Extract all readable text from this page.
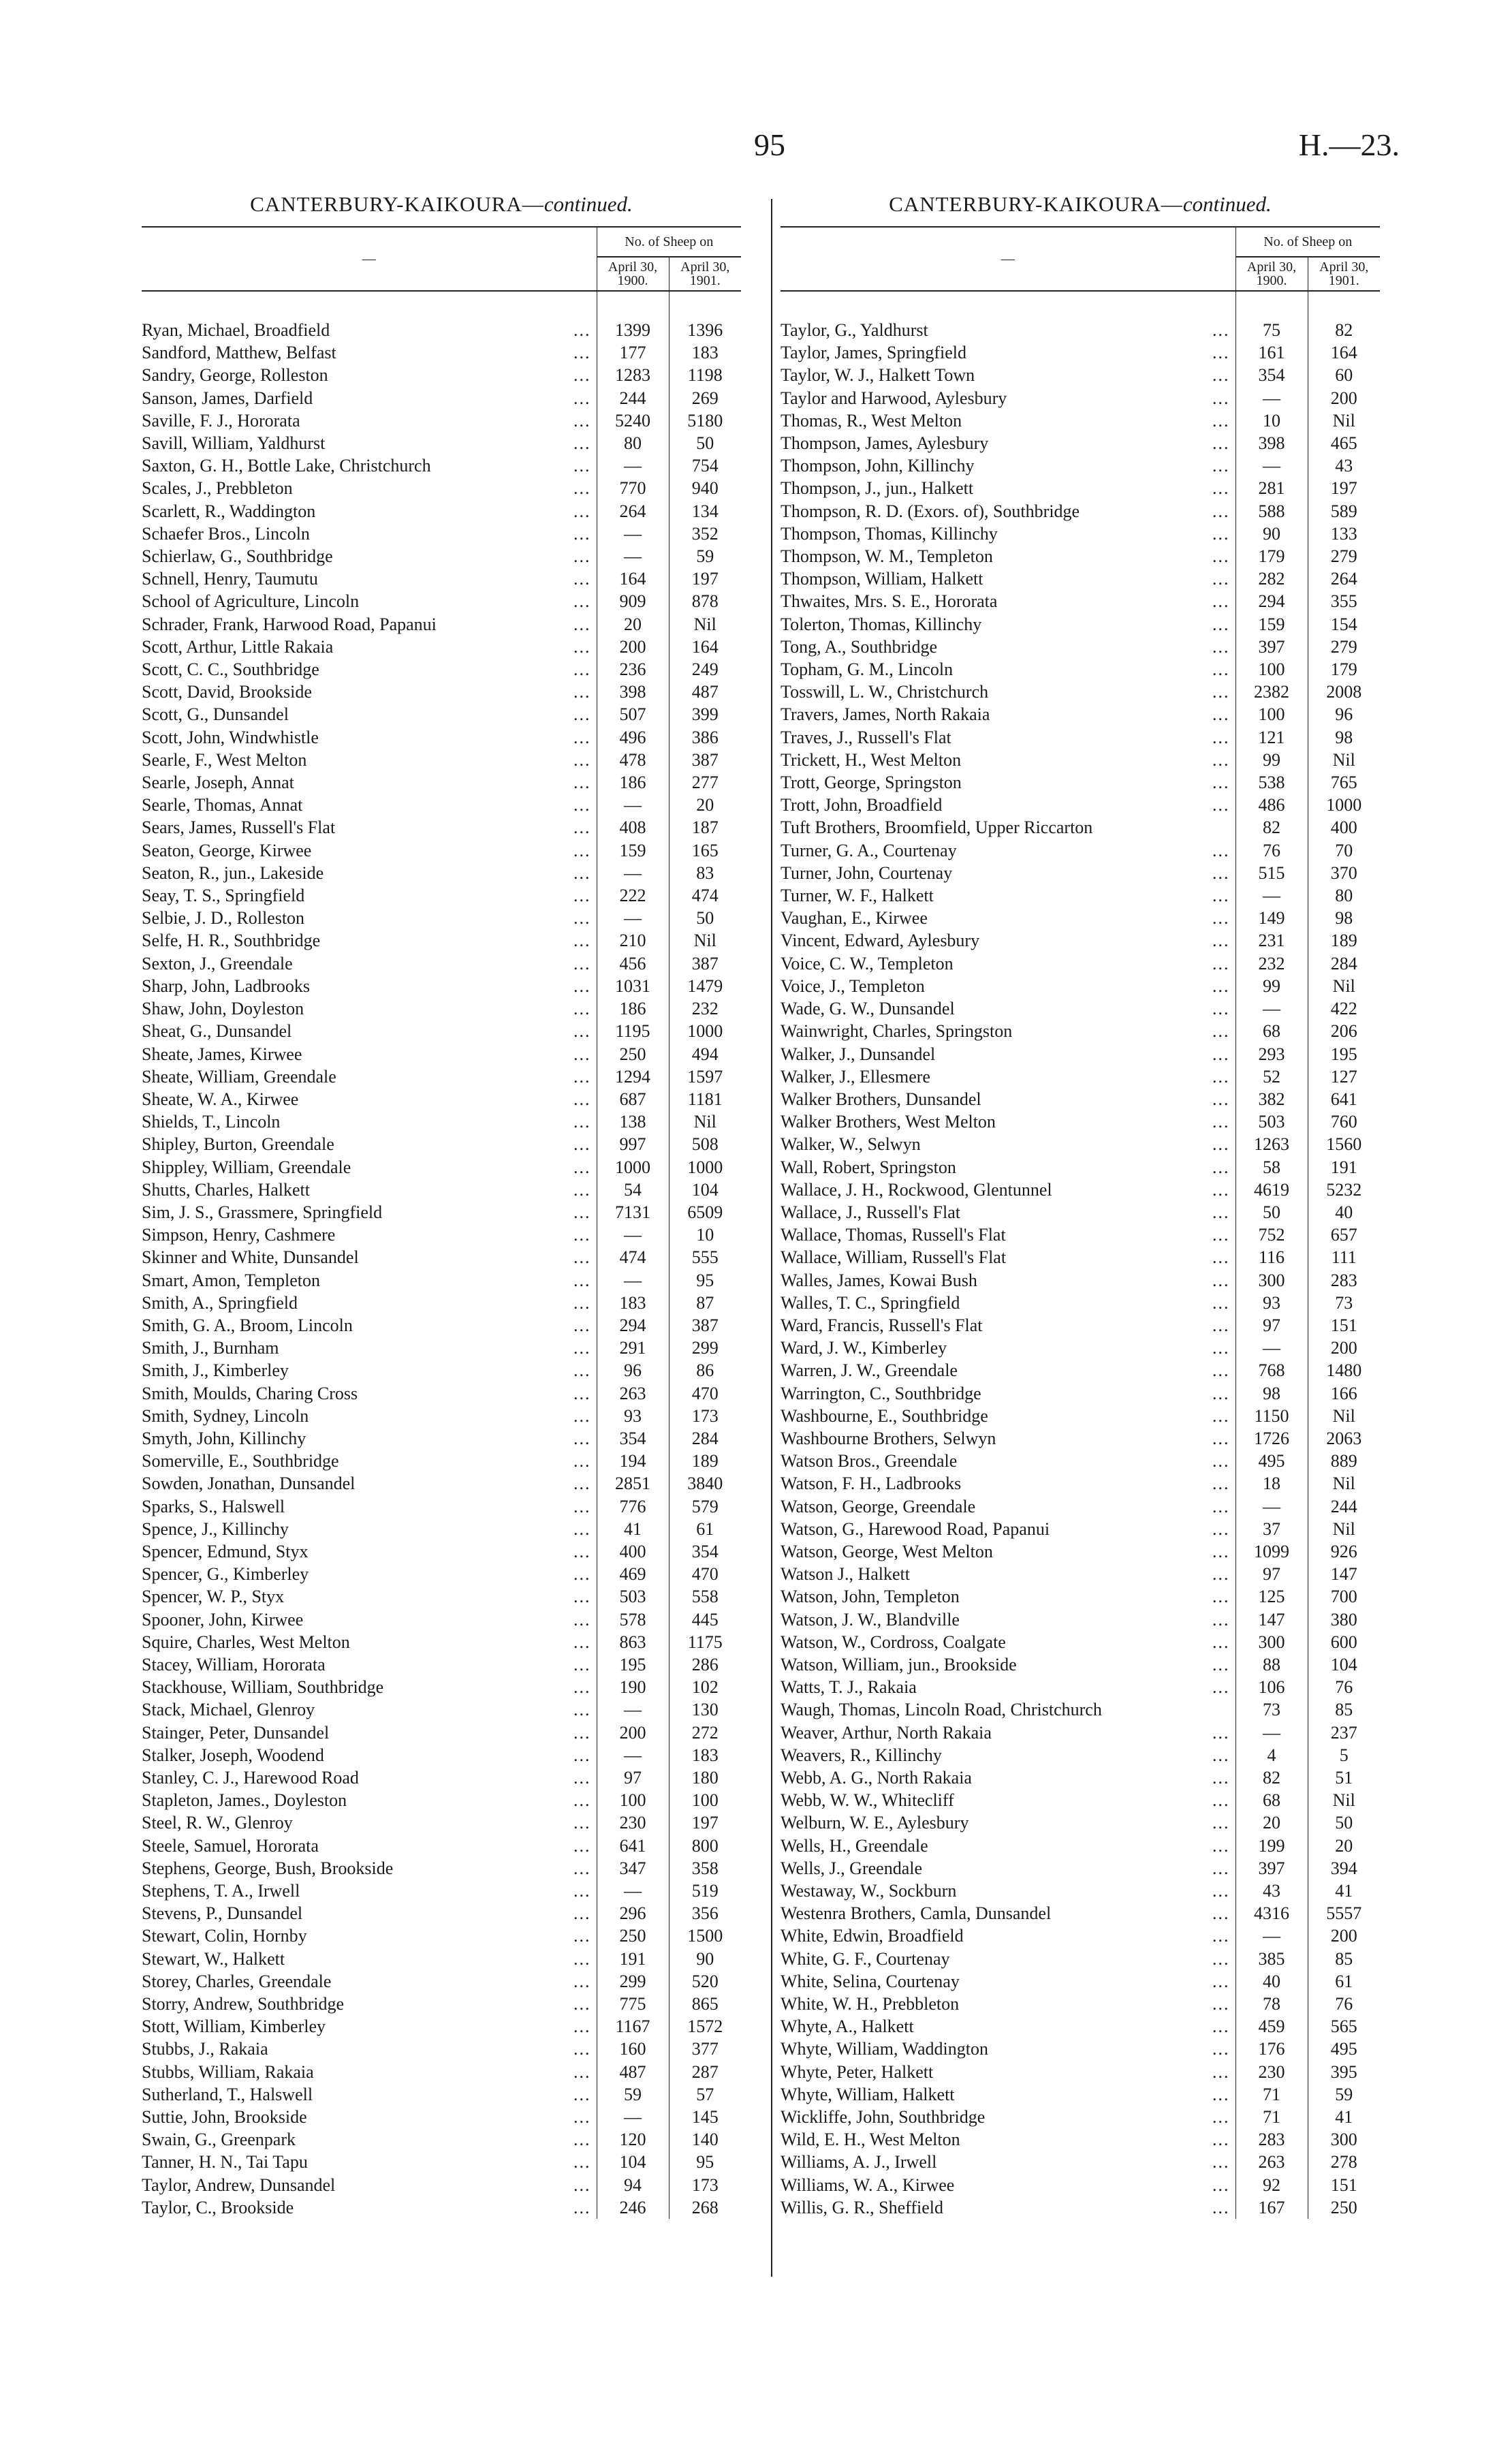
95	H.—23.
CANTERBURY-KAIKOURA—continued.
—	No. of Sheep on	
	April 30, 1900.	April 30, 1901.

Ryan, Michael, Broadfield ...	1399	1396
Sandford, Matthew, Belfast ...	177	183
Sandry, George, Rolleston ...	1283	1198
Sanson, James, Darfield ...	244	269
Saville, F. J., Hororata ...	5240	5180
Savill, William, Yaldhurst ...	80	50
Saxton, G. H., Bottle Lake, Christchurch ...	—	754
Scales, J., Prebbleton ...	770	940
Scarlett, R., Waddington ...	264	134
Schaefer Bros., Lincoln ...	—	352
Schierlaw, G., Southbridge ...	—	59
Schnell, Henry, Taumutu ...	164	197
School of Agriculture, Lincoln ...	909	878
Schrader, Frank, Harwood Road, Papanui ...	20	Nil
Scott, Arthur, Little Rakaia ...	200	164
Scott, C. C., Southbridge ...	236	249
Scott, David, Brookside ...	398	487
Scott, G., Dunsandel ...	507	399
Scott, John, Windwhistle ...	496	386
Searle, F., West Melton ...	478	387
Searle, Joseph, Annat ...	186	277
Searle, Thomas, Annat ...	—	20
Sears, James, Russell's Flat ...	408	187
Seaton, George, Kirwee ...	159	165
Seaton, R., jun., Lakeside ...	—	83
Seay, T. S., Springfield ...	222	474
Selbie, J. D., Rolleston ...	—	50
Selfe, H. R., Southbridge ...	210	Nil
Sexton, J., Greendale ...	456	387
Sharp, John, Ladbrooks ...	1031	1479
Shaw, John, Doyleston ...	186	232
Sheat, G., Dunsandel ...	1195	1000
Sheate, James, Kirwee ...	250	494
Sheate, William, Greendale ...	1294	1597
Sheate, W. A., Kirwee ...	687	1181
Shields, T., Lincoln ...	138	Nil
Shipley, Burton, Greendale ...	997	508
Shippley, William, Greendale ...	1000	1000
Shutts, Charles, Halkett ...	54	104
Sim, J. S., Grassmere, Springfield ...	7131	6509
Simpson, Henry, Cashmere ...	—	10
Skinner and White, Dunsandel ...	474	555
Smart, Amon, Templeton ...	—	95
Smith, A., Springfield ...	183	87
Smith, G. A., Broom, Lincoln ...	294	387
Smith, J., Burnham ...	291	299
Smith, J., Kimberley ...	96	86
Smith, Moulds, Charing Cross ...	263	470
Smith, Sydney, Lincoln ...	93	173
Smyth, John, Killinchy ...	354	284
Somerville, E., Southbridge ...	194	189
Sowden, Jonathan, Dunsandel ...	2851	3840
Sparks, S., Halswell ...	776	579
Spence, J., Killinchy ...	41	61
Spencer, Edmund, Styx ...	400	354
Spencer, G., Kimberley ...	469	470
Spencer, W. P., Styx ...	503	558
Spooner, John, Kirwee ...	578	445
Squire, Charles, West Melton ...	863	1175
Stacey, William, Hororata ...	195	286
Stackhouse, William, Southbridge ...	190	102
Stack, Michael, Glenroy ...	—	130
Stainger, Peter, Dunsandel ...	200	272
Stalker, Joseph, Woodend ...	—	183
Stanley, C. J., Harewood Road ...	97	180
Stapleton, James., Doyleston ...	100	100
Steel, R. W., Glenroy ...	230	197
Steele, Samuel, Hororata ...	641	800
Stephens, George, Bush, Brookside ...	347	358
Stephens, T. A., Irwell ...	—	519
Stevens, P., Dunsandel ...	296	356
Stewart, Colin, Hornby ...	250	1500
Stewart, W., Halkett ...	191	90
Storey, Charles, Greendale ...	299	520
Storry, Andrew, Southbridge ...	775	865
Stott, William, Kimberley ...	1167	1572
Stubbs, J., Rakaia ...	160	377
Stubbs, William, Rakaia ...	487	287
Sutherland, T., Halswell ...	59	57
Suttie, John, Brookside ...	—	145
Swain, G., Greenpark ...	120	140
Tanner, H. N., Tai Tapu ...	104	95
Taylor, Andrew, Dunsandel ...	94	173
Taylor, C., Brookside ...	246	268
CANTERBURY-KAIKOURA—continued.
—	No. of Sheep on	
	April 30, 1900.	April 30, 1901.

Taylor, G., Yaldhurst ...	75	82
Taylor, James, Springfield ...	161	164
Taylor, W. J., Halkett Town ...	354	60
Taylor and Harwood, Aylesbury ...	—	200
Thomas, R., West Melton ...	10	Nil
Thompson, James, Aylesbury ...	398	465
Thompson, John, Killinchy ...	—	43
Thompson, J., jun., Halkett ...	281	197
Thompson, R. D. (Exors. of), Southbridge ...	588	589
Thompson, Thomas, Killinchy ...	90	133
Thompson, W. M., Templeton ...	179	279
Thompson, William, Halkett ...	282	264
Thwaites, Mrs. S. E., Hororata ...	294	355
Tolerton, Thomas, Killinchy ...	159	154
Tong, A., Southbridge ...	397	279
Topham, G. M., Lincoln ...	100	179
Tosswill, L. W., Christchurch ...	2382	2008
Travers, James, North Rakaia ...	100	96
Traves, J., Russell's Flat ...	121	98
Trickett, H., West Melton ...	99	Nil
Trott, George, Springston ...	538	765
Trott, John, Broadfield ...	486	1000
Tuft Brothers, Broomfield, Upper Riccarton	82	400
Turner, G. A., Courtenay ...	76	70
Turner, John, Courtenay ...	515	370
Turner, W. F., Halkett ...	—	80
Vaughan, E., Kirwee ...	149	98
Vincent, Edward, Aylesbury ...	231	189
Voice, C. W., Templeton ...	232	284
Voice, J., Templeton ...	99	Nil
Wade, G. W., Dunsandel ...	—	422
Wainwright, Charles, Springston ...	68	206
Walker, J., Dunsandel ...	293	195
Walker, J., Ellesmere ...	52	127
Walker Brothers, Dunsandel ...	382	641
Walker Brothers, West Melton ...	503	760
Walker, W., Selwyn ...	1263	1560
Wall, Robert, Springston ...	58	191
Wallace, J. H., Rockwood, Glentunnel ...	4619	5232
Wallace, J., Russell's Flat ...	50	40
Wallace, Thomas, Russell's Flat ...	752	657
Wallace, William, Russell's Flat ...	116	111
Walles, James, Kowai Bush ...	300	283
Walles, T. C., Springfield ...	93	73
Ward, Francis, Russell's Flat ...	97	151
Ward, J. W., Kimberley ...	—	200
Warren, J. W., Greendale ...	768	1480
Warrington, C., Southbridge ...	98	166
Washbourne, E., Southbridge ...	1150	Nil
Washbourne Brothers, Selwyn ...	1726	2063
Watson Bros., Greendale ...	495	889
Watson, F. H., Ladbrooks ...	18	Nil
Watson, George, Greendale ...	—	244
Watson, G., Harewood Road, Papanui ...	37	Nil
Watson, George, West Melton ...	1099	926
Watson J., Halkett ...	97	147
Watson, John, Templeton ...	125	700
Watson, J. W., Blandville ...	147	380
Watson, W., Cordross, Coalgate ...	300	600
Watson, William, jun., Brookside ...	88	104
Watts, T. J., Rakaia ...	106	76
Waugh, Thomas, Lincoln Road, Christchurch	73	85
Weaver, Arthur, North Rakaia ...	—	237
Weavers, R., Killinchy ...	4	5
Webb, A. G., North Rakaia ...	82	51
Webb, W. W., Whitecliff ...	68	Nil
Welburn, W. E., Aylesbury ...	20	50
Wells, H., Greendale ...	199	20
Wells, J., Greendale ...	397	394
Westaway, W., Sockburn ...	43	41
Westenra Brothers, Camla, Dunsandel ...	4316	5557
White, Edwin, Broadfield ...	—	200
White, G. F., Courtenay ...	385	85
White, Selina, Courtenay ...	40	61
White, W. H., Prebbleton ...	78	76
Whyte, A., Halkett ...	459	565
Whyte, William, Waddington ...	176	495
Whyte, Peter, Halkett ...	230	395
Whyte, William, Halkett ...	71	59
Wickliffe, John, Southbridge ...	71	41
Wild, E. H., West Melton ...	283	300
Williams, A. J., Irwell ...	263	278
Williams, W. A., Kirwee ...	92	151
Willis, G. R., Sheffield ...	167	250
